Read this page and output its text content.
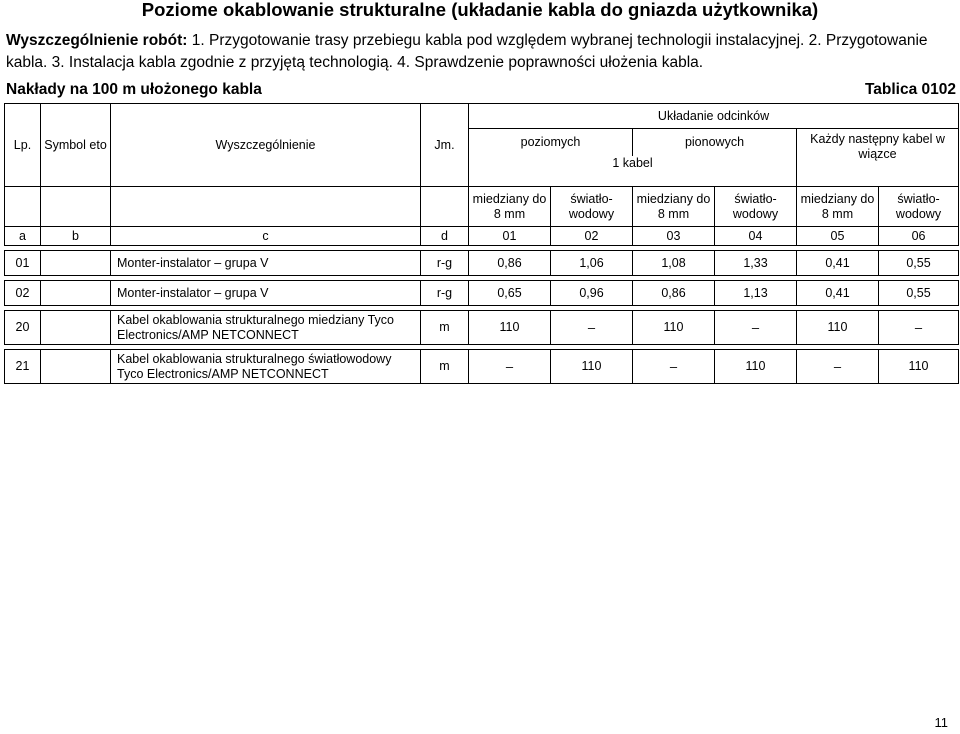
Poziome okablowanie strukturalne (układanie kabla do gniazda użytkownika)
Wyszczególnienie robót: 1. Przygotowanie trasy przebiegu kabla pod względem wybranej technologii instalacyjnej. 2. Przygotowanie kabla. 3. Instalacja kabla zgodnie z przyjętą technologią. 4. Sprawdzenie poprawności ułożenia kabla.
Nakłady na 100 m ułożonego kabla	Tablica 0102
Lp.	Symbol eto	Wyszczególnienie	Jm.	Układanie odcinków					
				poziomych		pionowych		Każdy następny kabel w wiązce	
				1 kabel					
				miedziany do 8 mm	światło-wodowy	miedziany do 8 mm	światło-wodowy	miedziany do 8 mm	światło-wodowy
a	b	c	d	01	02	03	04	05	06

01		Monter-instalator – grupa V	r-g	0,86	1,06	1,08	1,33	0,41	0,55

02		Monter-instalator – grupa V	r-g	0,65	0,96	0,86	1,13	0,41	0,55

20		Kabel okablowania strukturalnego miedziany Tyco Electronics/AMP NETCONNECT	m	110	–	110	–	110	–

21		Kabel okablowania strukturalnego światłowodowy Tyco Electronics/AMP NETCONNECT	m	–	110	–	110	–	110
11
